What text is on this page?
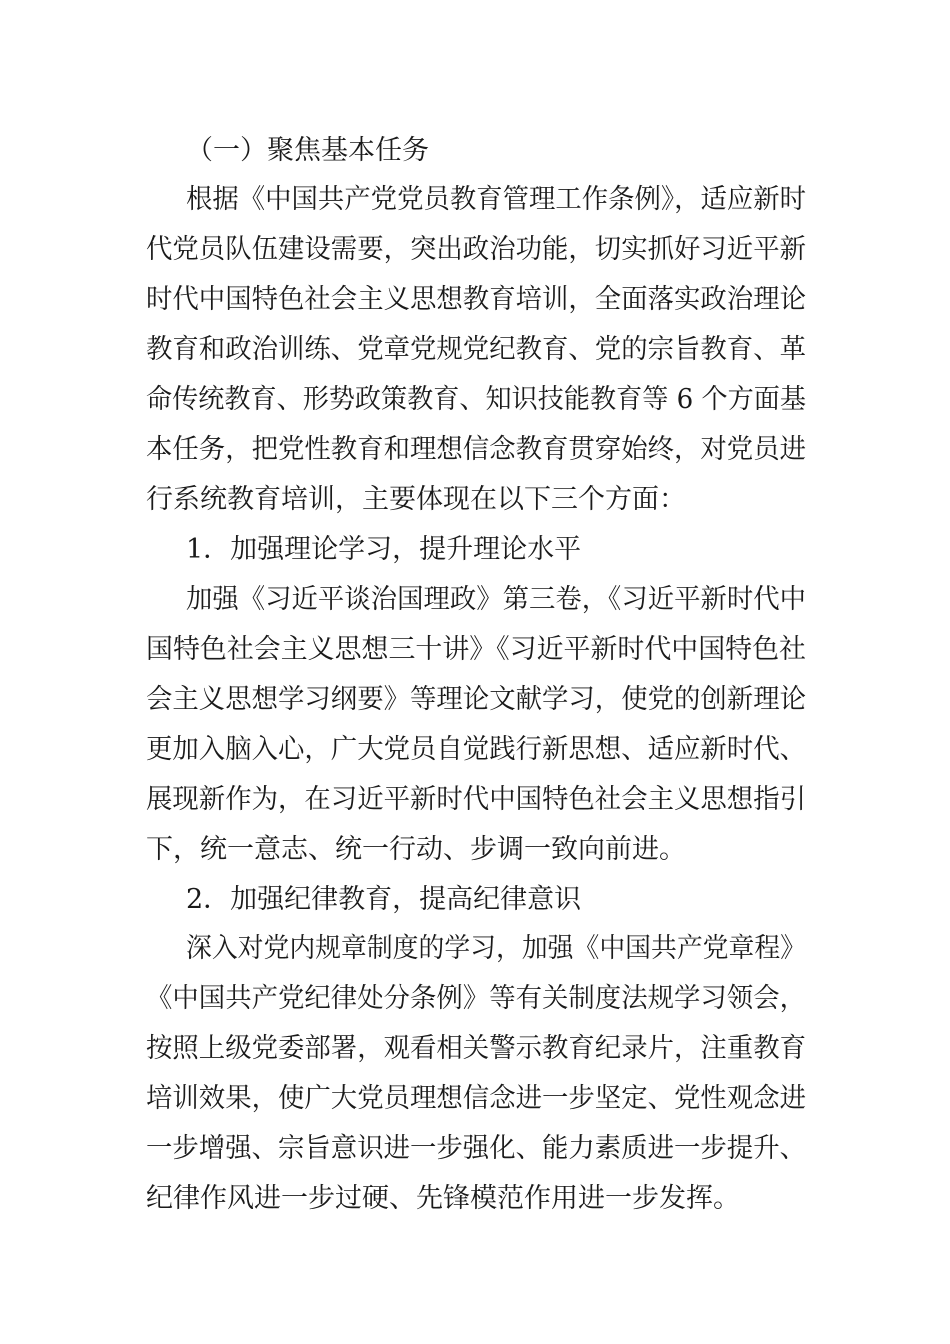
（一）聚焦基本任务
根据《中国共产党党员教育管理工作条例》，适应新时
代党员队伍建设需要，突出政治功能，切实抓好习近平新
时代中国特色社会主义思想教育培训，全面落实政治理论
教育和政治训练、党章党规党纪教育、党的宗旨教育、革
命传统教育、形势政策教育、知识技能教育等 6 个方面基
本任务，把党性教育和理想信念教育贯穿始终，对党员进
行系统教育培训，主要体现在以下三个方面：
1．加强理论学习，提升理论水平
加强《习近平谈治国理政》第三卷，《习近平新时代中
国特色社会主义思想三十讲》《习近平新时代中国特色社
会主义思想学习纲要》等理论文献学习，使党的创新理论
更加入脑入心，广大党员自觉践行新思想、适应新时代、
展现新作为，在习近平新时代中国特色社会主义思想指引
下，统一意志、统一行动、步调一致向前进。
2．加强纪律教育，提高纪律意识
深入对党内规章制度的学习，加强《中国共产党章程》
《中国共产党纪律处分条例》等有关制度法规学习领会，
按照上级党委部署，观看相关警示教育纪录片，注重教育
培训效果，使广大党员理想信念进一步坚定、党性观念进
一步增强、宗旨意识进一步强化、能力素质进一步提升、
纪律作风进一步过硬、先锋模范作用进一步发挥。
